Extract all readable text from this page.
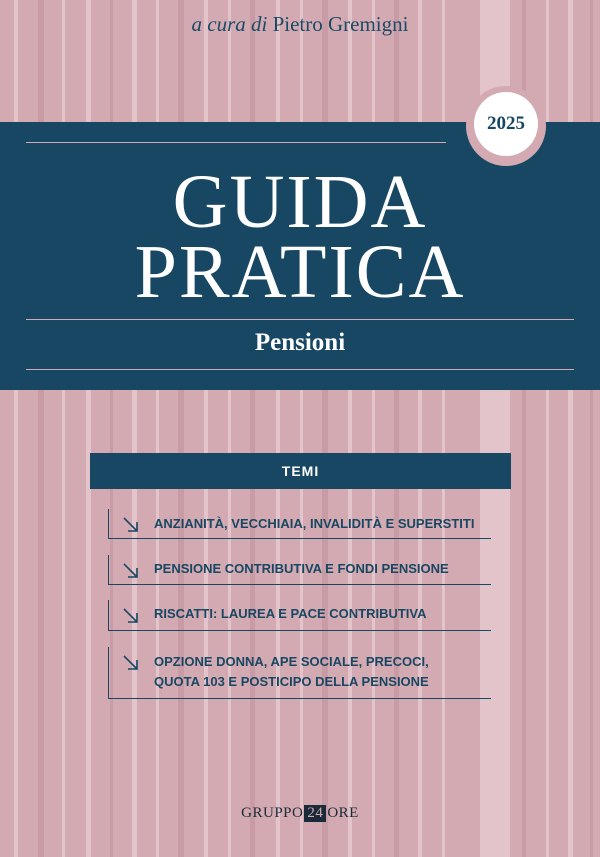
a cura di Pietro Gremigni
GUIDA
PRATICA
Pensioni
2025
TEMI
ANZIANITÀ, VECCHIAIA, INVALIDITÀ E SUPERSTITI
PENSIONE CONTRIBUTIVA E FONDI PENSIONE
RISCATTI: LAUREA E PACE CONTRIBUTIVA
OPZIONE DONNA, APE SOCIALE, PRECOCI,
QUOTA 103 E POSTICIPO DELLA PENSIONE
GRUPPO 24 ORE
